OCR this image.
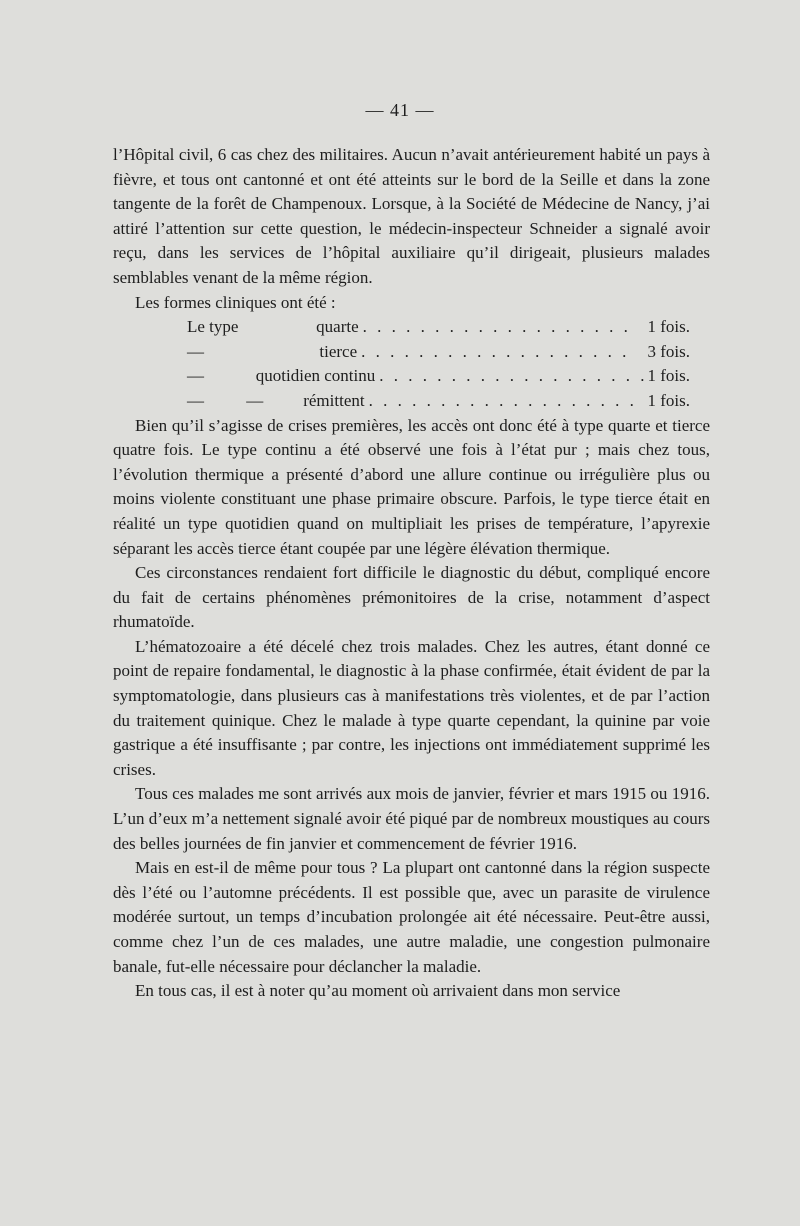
— 41 —

l’Hôpital civil, 6 cas chez des militaires. Aucun n’avait antérieurement habité un pays à fièvre, et tous ont cantonné et ont été atteints sur le bord de la Seille et dans la zone tangente de la forêt de Champenoux. Lorsque, à la Société de Médecine de Nancy, j’ai attiré l’attention sur cette question, le médecin-inspecteur Schneider a signalé avoir reçu, dans les services de l’hôpital auxiliaire qu’il dirigeait, plusieurs malades semblables venant de la même région.

Les formes cliniques ont été :

Le type	quarte . . . . . . . . . . . . . . . . . . . 1 fois.
—	tierce . . . . . . . . . . . . . . . . . . .	3 fois.
—	quotidien continu . . . . . . . . . . . . . . . . . . . 1 fois.
—	—	rémittent . . . . . . . . . . . . . . . . . . . 1 fois.

Bien qu’il s’agisse de crises premières, les accès ont donc été à type quarte et tierce quatre fois. Le type continu a été observé une fois à l’état pur ; mais chez tous, l’évolution thermique a présenté d’abord une allure continue ou irrégulière plus ou moins violente constituant une phase primaire obscure. Parfois, le type tierce était en réalité un type quotidien quand on multipliait les prises de température, l’apyrexie séparant les accès tierce étant coupée par une légère élévation thermique.

Ces circonstances rendaient fort difficile le diagnostic du début, compliqué encore du fait de certains phénomènes prémonitoires de la crise, notamment d’aspect rhumatoïde.

L’hématozoaire a été décelé chez trois malades. Chez les autres, étant donné ce point de repaire fondamental, le diagnostic à la phase confirmée, était évident de par la symptomatologie, dans plusieurs cas à manifestations très violentes, et de par l’action du traitement quinique. Chez le malade à type quarte cependant, la quinine par voie gastrique a été insuffisante ; par contre, les injections ont immédiatement supprimé les crises.

Tous ces malades me sont arrivés aux mois de janvier, février et mars 1915 ou 1916. L’un d’eux m’a nettement signalé avoir été piqué par de nombreux moustiques au cours des belles journées de fin janvier et commencement de février 1916.

Mais en est-il de même pour tous ? La plupart ont cantonné dans la région suspecte dès l’été ou l’automne précédents. Il est possible que, avec un parasite de virulence modérée surtout, un temps d’incubation prolongée ait été nécessaire. Peut-être aussi, comme chez l’un de ces malades, une autre maladie, une congestion pulmonaire banale, fut-elle nécessaire pour déclancher la maladie.

En tous cas, il est à noter qu’au moment où arrivaient dans mon service
